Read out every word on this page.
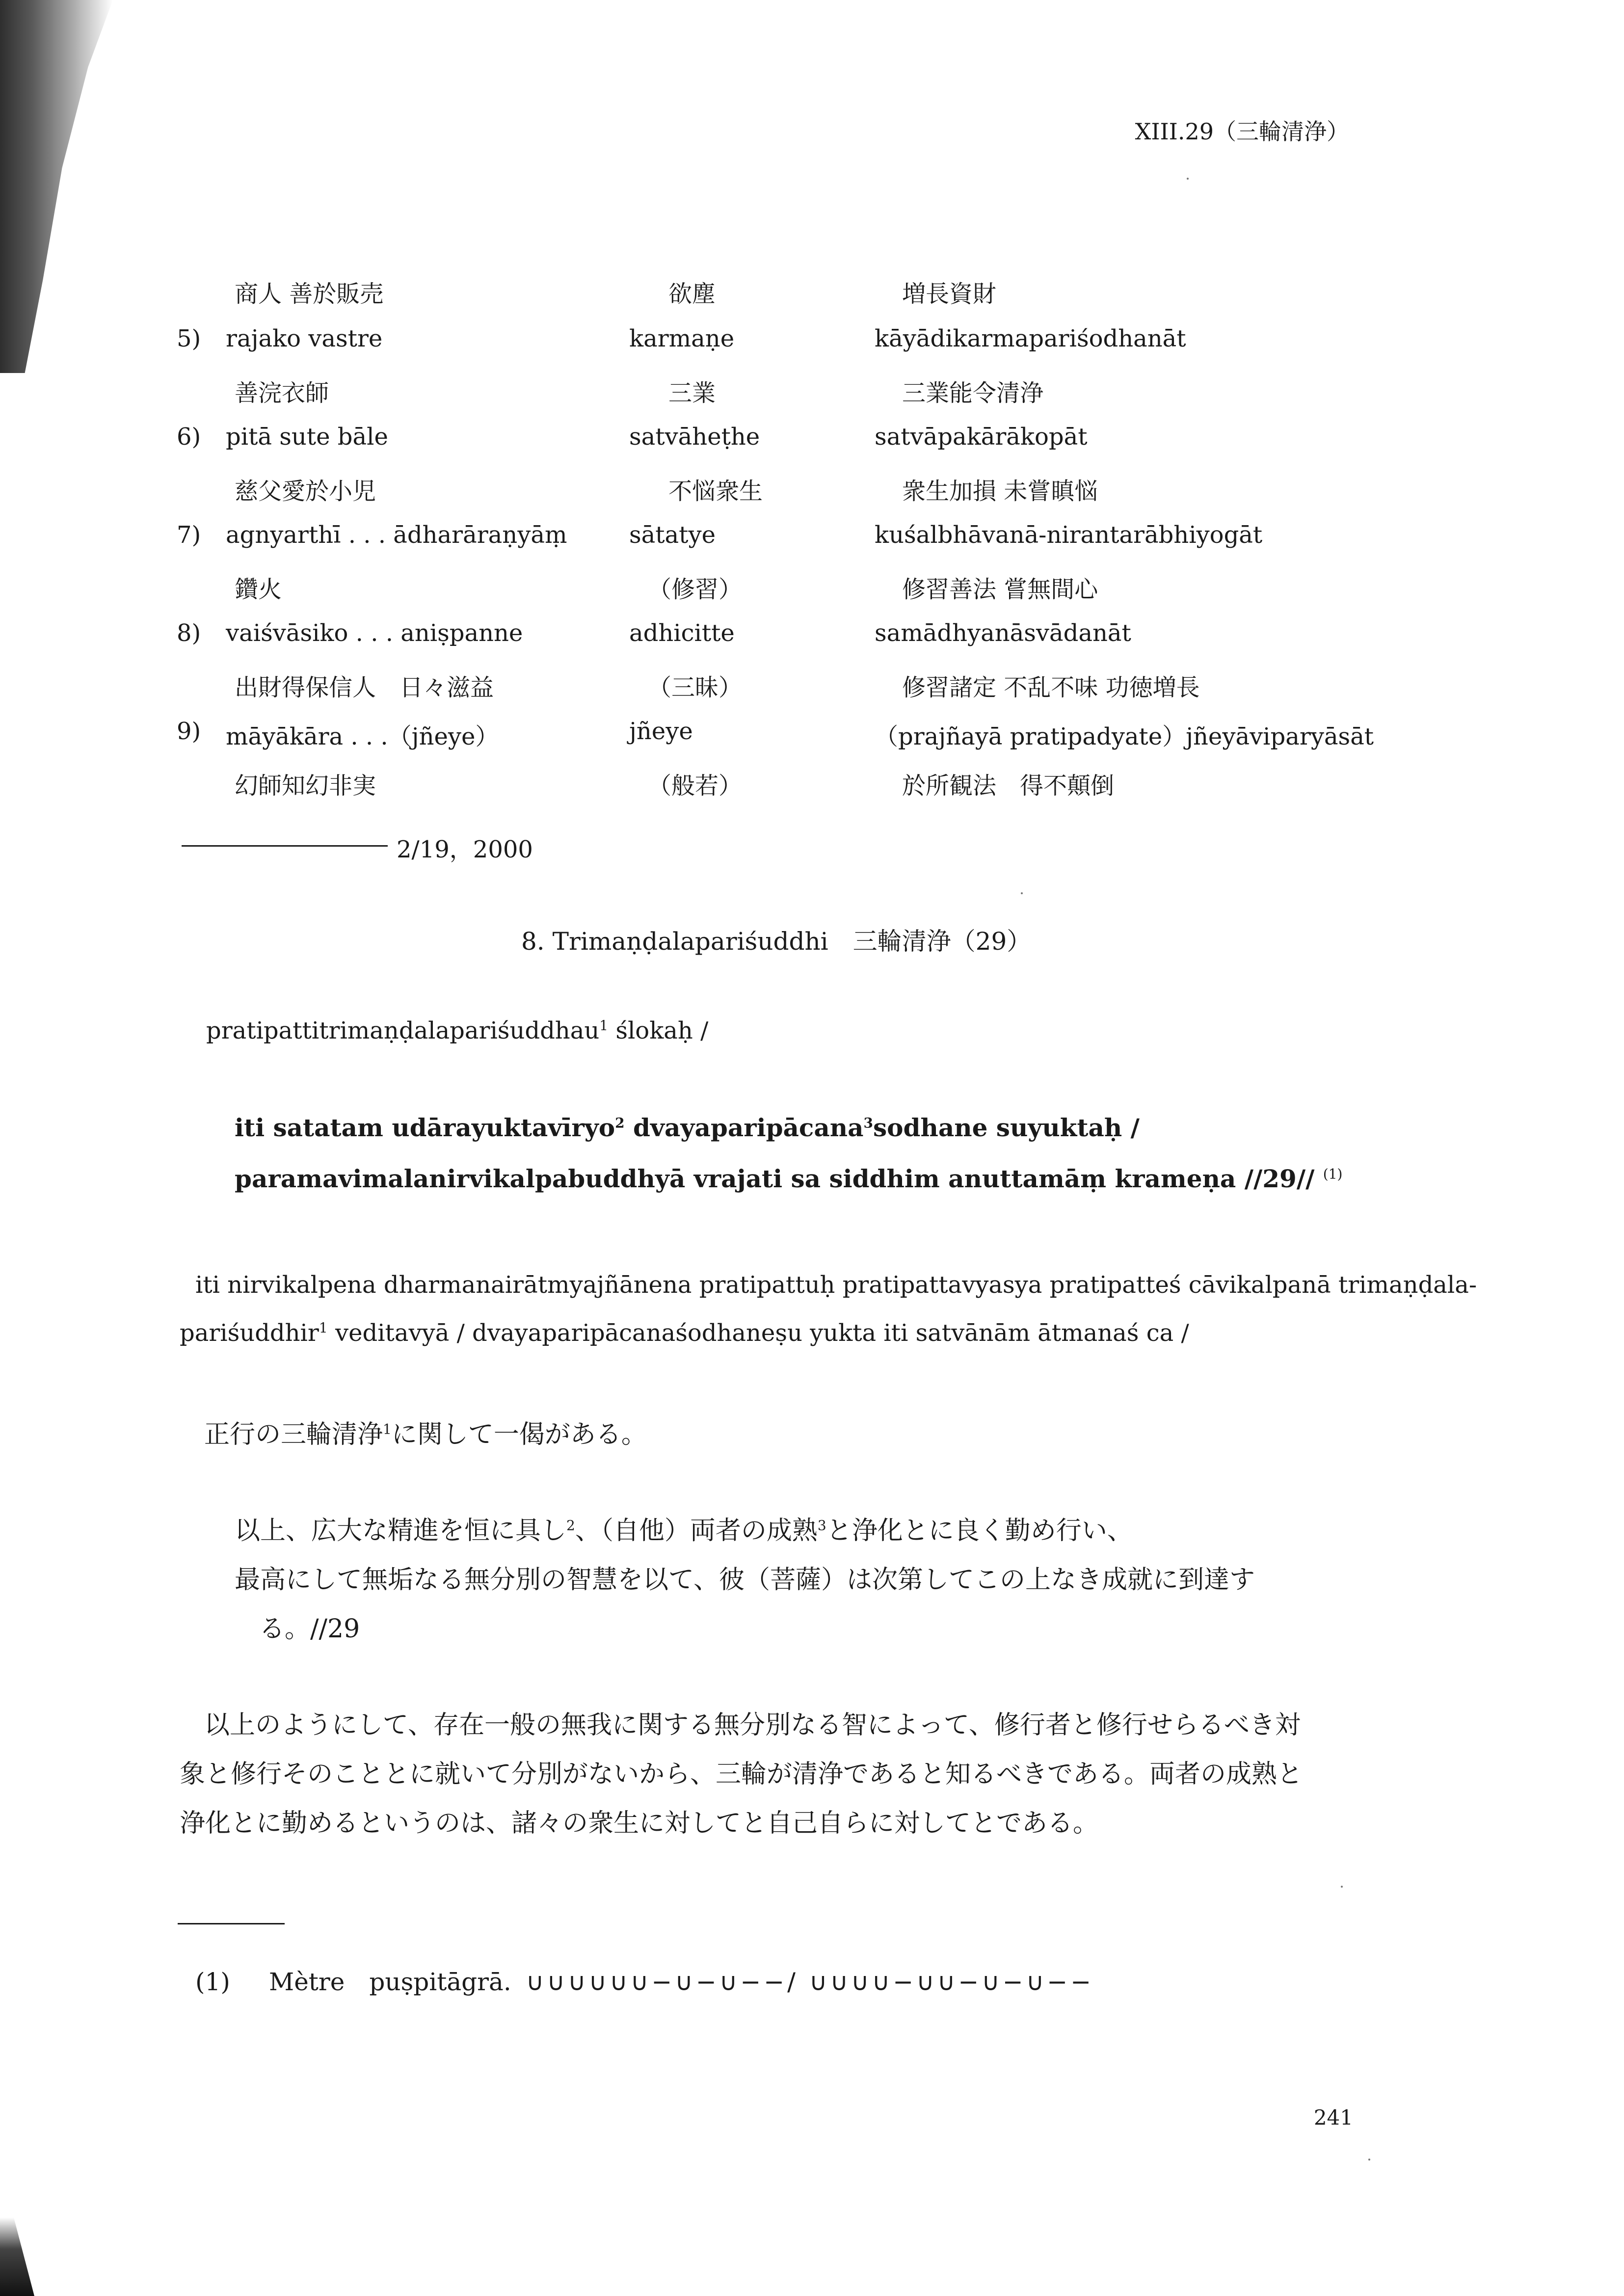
XIII.29（三輪清浄）
商人 善於販売	欲塵	増長資財
5) rajako vastre	karmaṇe	kāyādikarmapariśodhanāt
善浣衣師	三業	三業能令清浄
6) pitā sute bāle	satvāheṭhe	satvāpakārākopāt
慈父愛於小児	不悩衆生	衆生加損 未嘗瞋悩
7) agnyarthī . . . ādharāraṇyāṃ	sātatye	kuśalbhāvanā-nirantarābhiyogāt
鑽火	（修習）	修習善法 嘗無間心
8) vaiśvāsiko . . . aniṣpanne	adhicitte	samādhyanāsvādanāt
出財得保信人　日々滋益	（三昧）	修習諸定 不乱不味 功徳増長
9) māyākāra . . .（jñeye）	jñeye	（prajñayā pratipadyate）jñeyāviparyāsāt
幻師知幻非実	（般若）	於所観法　得不顛倒
2/19，2000
8. Trimaṇḍalapariśuddhi　三輪清浄（29）
pratipattitrimaṇḍalapariśuddhau$^1$ ślokaḥ /
iti satatam udārayuktavīryo$^2$ dvayaparipācana$^3$sodhane suyuktaḥ /
paramavimalanirvikalpabuddhyā vrajati sa siddhim anuttamāṃ krameṇa //29// $^{(1)}$
iti nirvikalpena dharmanairātmyajñānena pratipattuḥ pratipattavyasya pratipatteś cāvikalpanā trimaṇḍala-
pariśuddhir$^1$ veditavyā / dvayaparipācanaśodhaneṣu yukta iti satvānām ātmanaś ca /
正行の三輪清浄$^1$に関して一偈がある。
以上、広大な精進を恒に具し$^2$、（自他）両者の成熟$^3$と浄化とに良く勤め行い、
最高にして無垢なる無分別の智慧を以て、彼（菩薩）は次第してこの上なき成就に到達す
る。//29
以上のようにして、存在一般の無我に関する無分別なる智によって、修行者と修行せらるべき対
象と修行そのこととに就いて分別がないから、三輪が清浄であると知るべきである。両者の成熟と
浄化とに勤めるというのは、諸々の衆生に対してと自己自らに対してとである。
(1) Mètre　puṣpitāgrā. ∪∪∪∪∪∪−∪−∪−−/ ∪∪∪∪−∪∪−∪−∪−−
241
